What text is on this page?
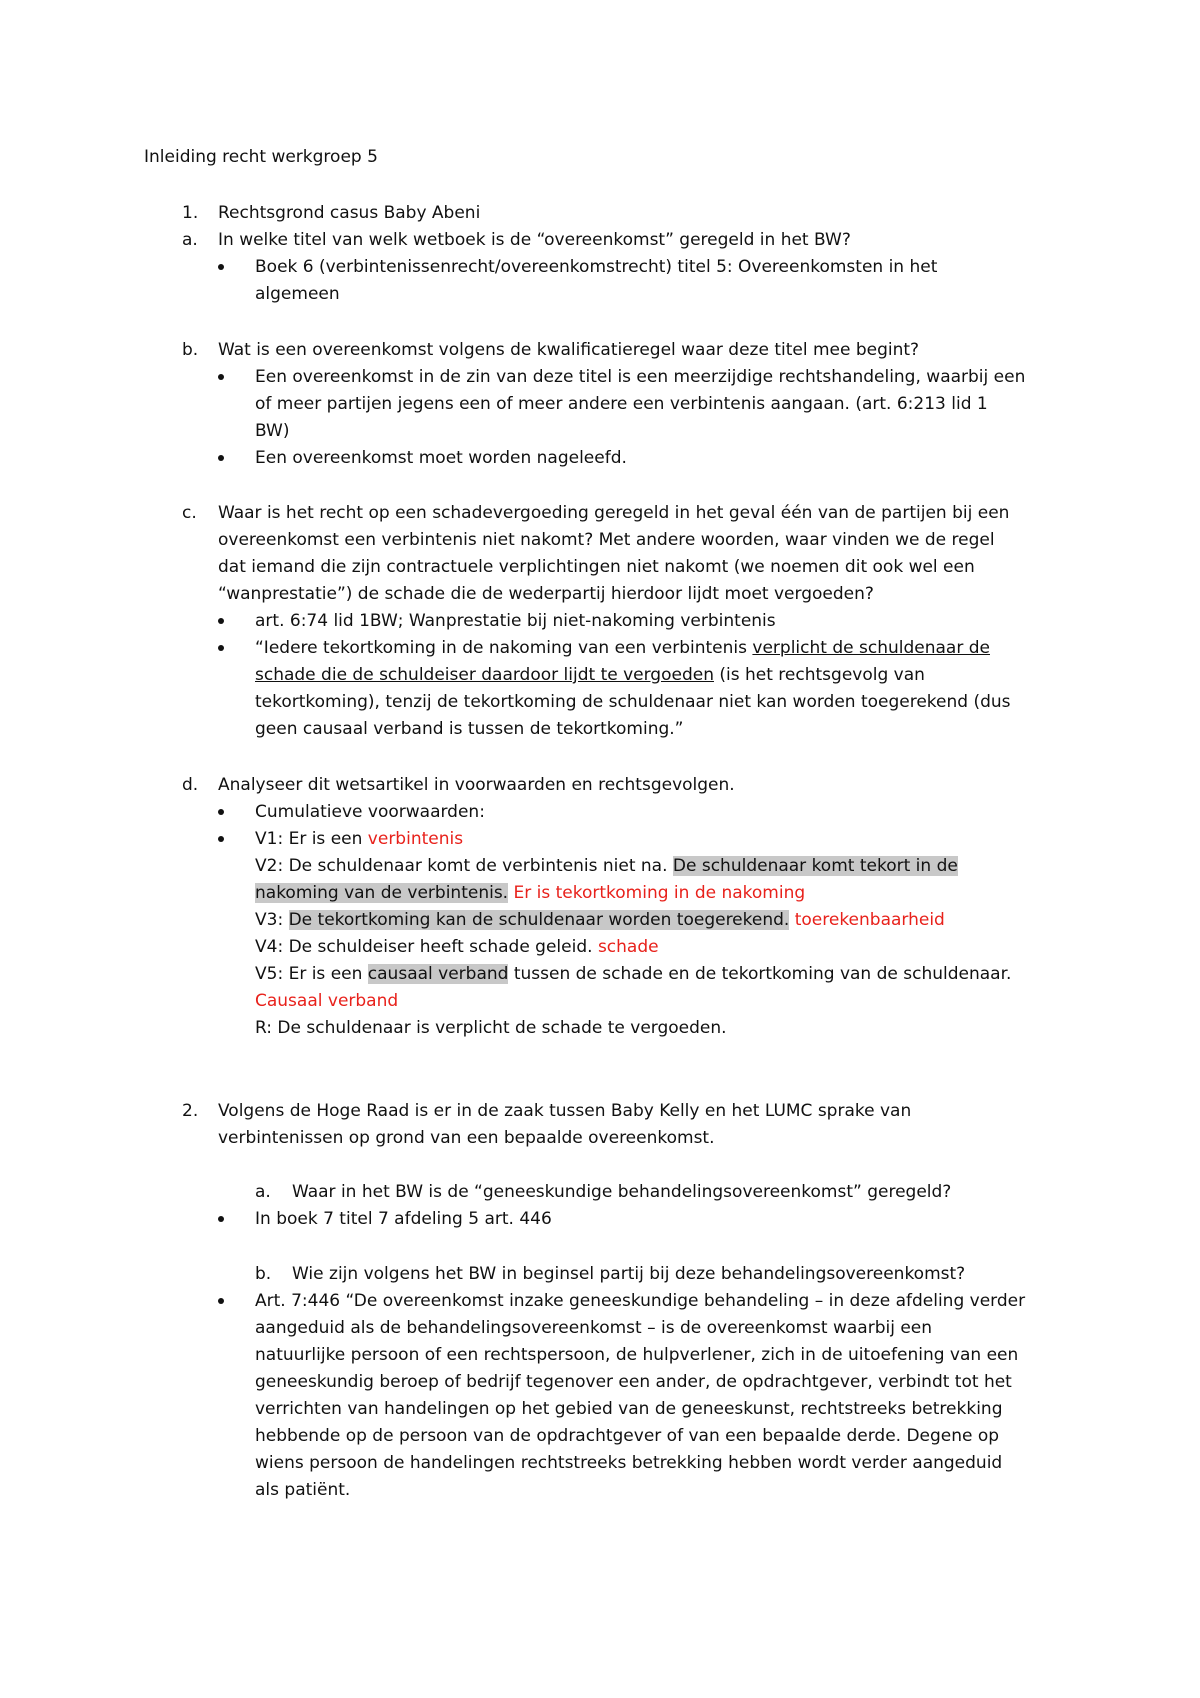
Inleiding recht werkgroep 5
1. Rechtsgrond casus Baby Abeni
a. In welke titel van welk wetboek is de “overeenkomst” geregeld in het BW?
Boek 6 (verbintenissenrecht/overeenkomstrecht) titel 5: Overeenkomsten in het
algemeen
b. Wat is een overeenkomst volgens de kwalificatieregel waar deze titel mee begint?
Een overeenkomst in de zin van deze titel is een meerzijdige rechtshandeling, waarbij een
of meer partijen jegens een of meer andere een verbintenis aangaan. (art. 6:213 lid 1
BW)
Een overeenkomst moet worden nageleefd.
c. Waar is het recht op een schadevergoeding geregeld in het geval één van de partijen bij een
overeenkomst een verbintenis niet nakomt? Met andere woorden, waar vinden we de regel
dat iemand die zijn contractuele verplichtingen niet nakomt (we noemen dit ook wel een
“wanprestatie”) de schade die de wederpartij hierdoor lijdt moet vergoeden?
art. 6:74 lid 1BW; Wanprestatie bij niet-nakoming verbintenis
“Iedere tekortkoming in de nakoming van een verbintenis verplicht de schuldenaar de
schade die de schuldeiser daardoor lijdt te vergoeden (is het rechtsgevolg van
tekortkoming), tenzij de tekortkoming de schuldenaar niet kan worden toegerekend (dus
geen causaal verband is tussen de tekortkoming.”
d. Analyseer dit wetsartikel in voorwaarden en rechtsgevolgen.
Cumulatieve voorwaarden:
V1: Er is een verbintenis
V2: De schuldenaar komt de verbintenis niet na. De schuldenaar komt tekort in de
nakoming van de verbintenis. Er is tekortkoming in de nakoming
V3: De tekortkoming kan de schuldenaar worden toegerekend. toerekenbaarheid
V4: De schuldeiser heeft schade geleid. schade
V5: Er is een causaal verband tussen de schade en de tekortkoming van de schuldenaar.
Causaal verband
R: De schuldenaar is verplicht de schade te vergoeden.
2. Volgens de Hoge Raad is er in de zaak tussen Baby Kelly en het LUMC sprake van
verbintenissen op grond van een bepaalde overeenkomst.
a. Waar in het BW is de “geneeskundige behandelingsovereenkomst” geregeld?
In boek 7 titel 7 afdeling 5 art. 446
b. Wie zijn volgens het BW in beginsel partij bij deze behandelingsovereenkomst?
Art. 7:446 “De overeenkomst inzake geneeskundige behandeling – in deze afdeling verder
aangeduid als de behandelingsovereenkomst – is de overeenkomst waarbij een
natuurlijke persoon of een rechtspersoon, de hulpverlener, zich in de uitoefening van een
geneeskundig beroep of bedrijf tegenover een ander, de opdrachtgever, verbindt tot het
verrichten van handelingen op het gebied van de geneeskunst, rechtstreeks betrekking
hebbende op de persoon van de opdrachtgever of van een bepaalde derde. Degene op
wiens persoon de handelingen rechtstreeks betrekking hebben wordt verder aangeduid
als patiënt.
